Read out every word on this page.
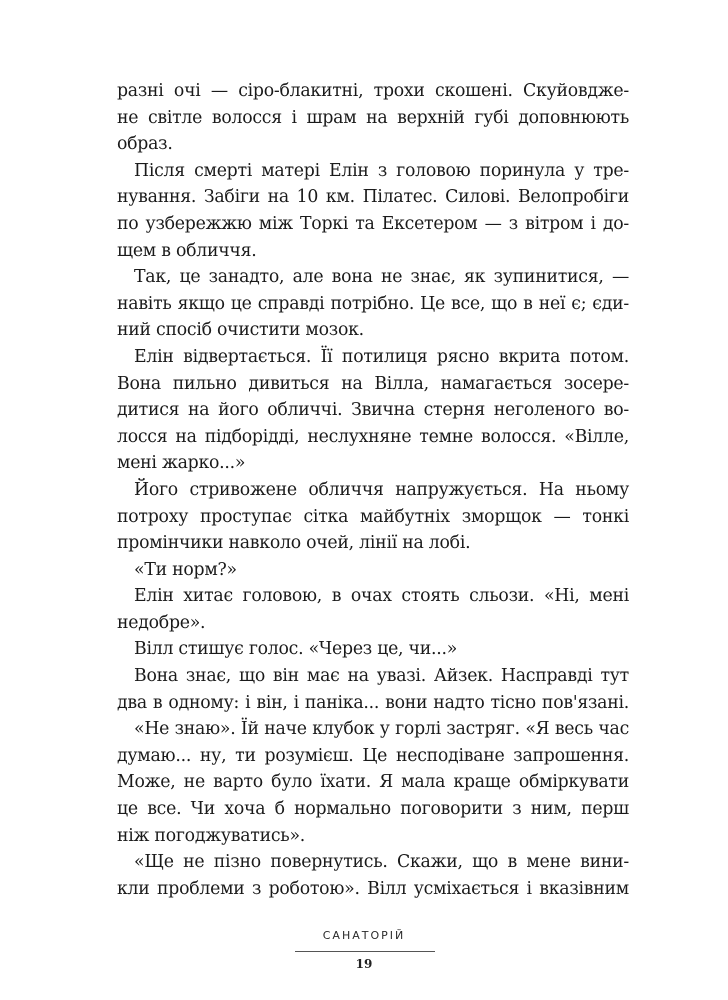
разні очі — сіро-блакитні, трохи скошені. Скуйовдже-
не світле волосся і шрам на верхній губі доповнюють
образ.
Після смерті матері Елін з головою поринула у тре-
нування. Забіги на 10 км. Пілатес. Силові. Велопробіги
по узбережжю між Торкі та Ексетером — з вітром і до-
щем в обличчя.
Так, це занадто, але вона не знає, як зупинитися, —
навіть якщо це справді потрібно. Це все, що в неї є; єди-
ний спосіб очистити мозок.
Елін відвертається. Її потилиця рясно вкрита потом.
Вона пильно дивиться на Вілла, намагається зосере-
дитися на його обличчі. Звична стерня неголеного во-
лосся на підборідді, неслухняне темне волосся. «Вілле,
мені жарко...»
Його стривожене обличчя напружується. На ньому
потроху проступає сітка майбутніх зморщок — тонкі
промінчики навколо очей, лінії на лобі.
«Ти норм?»
Елін хитає головою, в очах стоять сльози. «Ні, мені
недобре».
Вілл стишує голос. «Через це, чи...»
Вона знає, що він має на увазі. Айзек. Насправді тут
два в одному: і він, і паніка... вони надто тісно пов'язані.
«Не знаю». Їй наче клубок у горлі застряг. «Я весь час
думаю... ну, ти розумієш. Це несподіване запрошення.
Може, не варто було їхати. Я мала краще обміркувати
це все. Чи хоча б нормально поговорити з ним, перш
ніж погоджуватись».
«Ще не пізно повернутись. Скажи, що в мене вини-
кли проблеми з роботою». Вілл усміхається і вказівним
САНАТОРІЙ
19
